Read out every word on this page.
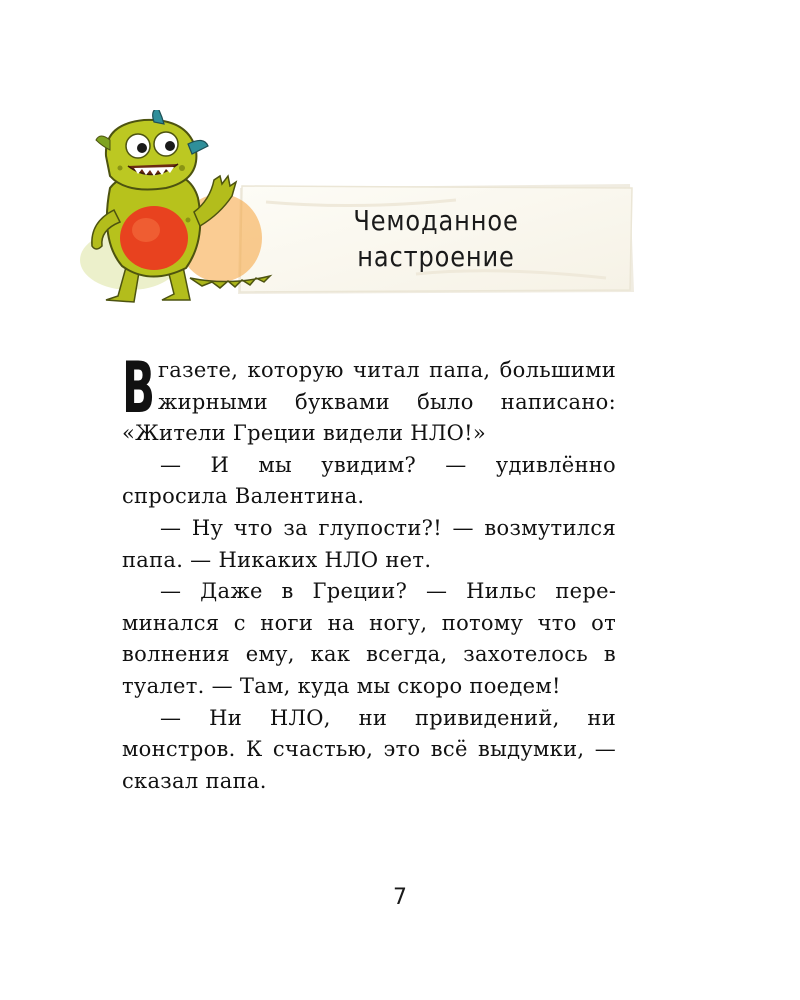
Чемоданное настроение

В газете, которую читал папа, большими жирными буквами было написано: «Жители Греции видели НЛО!»

— И мы увидим? — удивлённо спросила Валентина.

— Ну что за глупости?! — возмутился папа. — Никаких НЛО нет.

— Даже в Греции? — Нильс переминался с ноги на ногу, потому что от волнения ему, как всегда, захотелось в туалет. — Там, куда мы скоро поедем!

— Ни НЛО, ни привидений, ни монстров. К счастью, это всё выдумки, — сказал папа.

7
